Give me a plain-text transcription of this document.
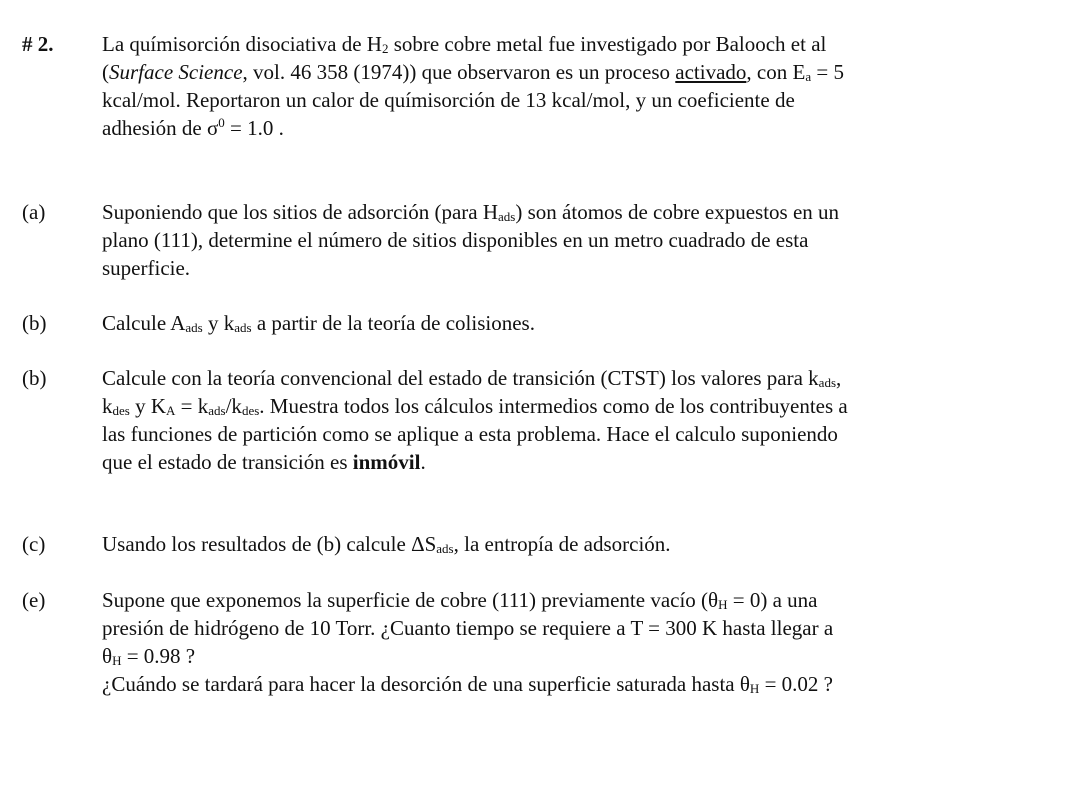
# 2.	La químisorción disociativa de $H_2$ sobre cobre metal fue investigado por Balooch et al
(Surface Science, vol. 46 358 (1974)) que observaron es un proceso activado, con $E_a = 5$
kcal/mol. Reportaron un calor de químisorción de 13 kcal/mol, y un coeficiente de
adhesión de $\sigma^0 = 1.0$ .
(a)	Suponiendo que los sitios de adsorción (para $H_{ads}$) son átomos de cobre expuestos en un
plano (111), determine el número de sitios disponibles en un metro cuadrado de esta
superficie.
(b)	Calcule $A_{ads}$ y $k_{ads}$ a partir de la teoría de colisiones.
(b)	Calcule con la teoría convencional del estado de transición (CTST) los valores para $k_{ads}$,
$k_{des}$ y $K_A = k_{ads}/k_{des}$. Muestra todos los cálculos intermedios como de los contribuyentes a
las funciones de partición como se aplique a esta problema. Hace el calculo suponiendo
que el estado de transición es inmóvil.
(c)	Usando los resultados de (b) calcule $\Delta S_{ads}$, la entropía de adsorción.
(e)	Supone que exponemos la superficie de cobre (111) previamente vacío $(\theta_H = 0)$ a una
presión de hidrógeno de 10 Torr. ¿Cuanto tiempo se requiere a T = 300 K hasta llegar a
$\theta_H = 0.98$ ?
¿Cuándo se tardará para hacer la desorción de una superficie saturada hasta $\theta_H = 0.02$ ?
